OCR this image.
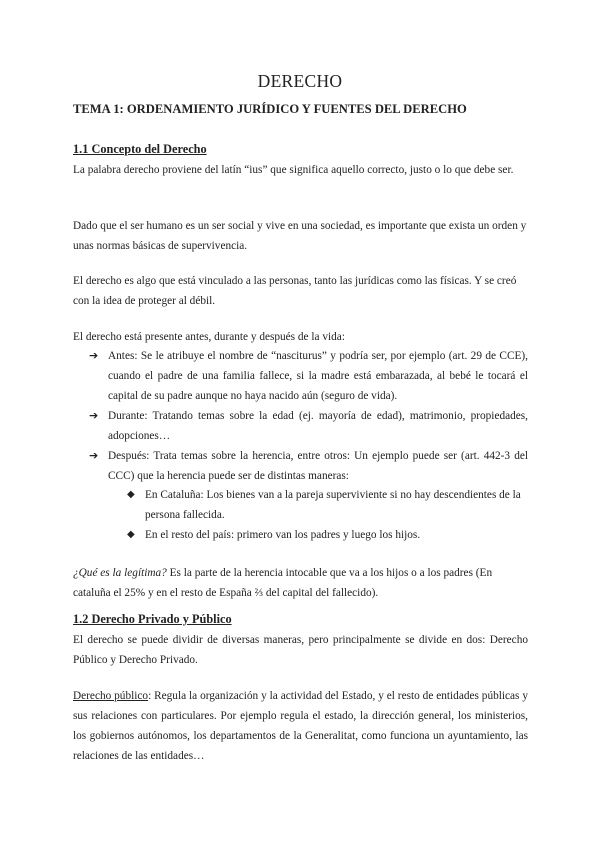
DERECHO
TEMA 1: ORDENAMIENTO JURÍDICO Y FUENTES DEL DERECHO
1.1 Concepto del Derecho
La palabra derecho proviene del latín “ius” que significa aquello correcto, justo o lo que debe ser.
Dado que el ser humano es un ser social y vive en una sociedad, es importante que exista un orden y unas normas básicas de supervivencia.
El derecho es algo que está vinculado a las personas, tanto las jurídicas como las físicas. Y se creó con la idea de proteger al débil.
El derecho está presente antes, durante y después de la vida:
➔ Antes: Se le atribuye el nombre de “nasciturus” y podría ser, por ejemplo (art. 29 de CCE), cuando el padre de una familia fallece, si la madre está embarazada, al bebé le tocará el capital de su padre aunque no haya nacido aún (seguro de vida).
➔ Durante: Tratando temas sobre la edad (ej. mayoría de edad), matrimonio, propiedades, adopciones…
➔ Después: Trata temas sobre la herencia, entre otros: Un ejemplo puede ser (art. 442-3 del CCC) que la herencia puede ser de distintas maneras:
◆ En Cataluña: Los bienes van a la pareja superviviente si no hay descendientes de la persona fallecida.
◆ En el resto del país: primero van los padres y luego los hijos.
¿Qué es la legítima? Es la parte de la herencia intocable que va a los hijos o a los padres (En cataluña el 25% y en el resto de España ⅔ del capital del fallecido).
1.2 Derecho Privado y Público
El derecho se puede dividir de diversas maneras, pero principalmente se divide en dos: Derecho Público y Derecho Privado.
Derecho público: Regula la organización y la actividad del Estado, y el resto de entidades públicas y sus relaciones con particulares. Por ejemplo regula el estado, la dirección general, los ministerios, los gobiernos autónomos, los departamentos de la Generalitat, como funciona un ayuntamiento, las relaciones de las entidades…
